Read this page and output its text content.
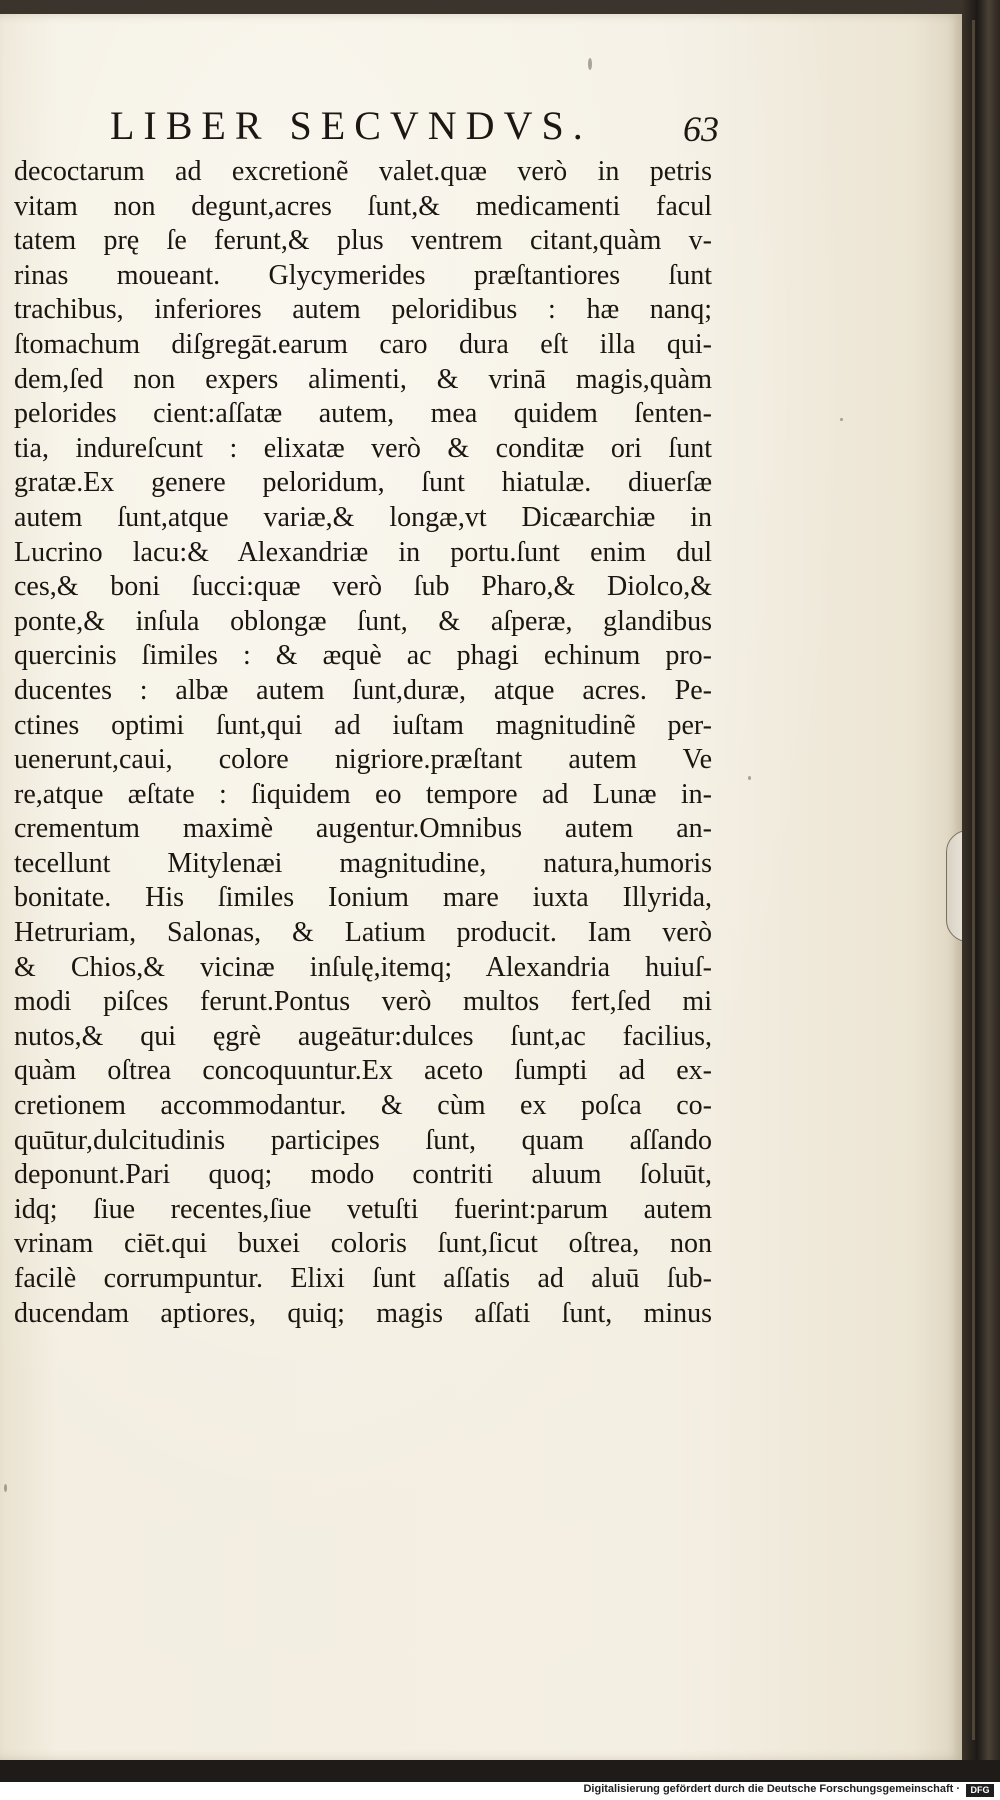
LIBER SECVNDVS.	63
decoctarum ad excretionẽ valet.quæ verò in petris
vitam non degunt,acres ſunt,& medicamenti facul
tatem prę ſe ferunt,& plus ventrem citant,quàm v-
rinas moueant. Glycymerides præſtantiores ſunt
trachibus, inferiores autem peloridibus : hæ nanq;
ſtomachum diſgregāt.earum caro dura eſt illa qui-
dem,ſed non expers alimenti, & vrinā magis,quàm
pelorides cient:aſſatæ autem, mea quidem ſenten-
tia, indureſcunt : elixatæ verò & conditæ ori ſunt
gratæ.Ex genere peloridum, ſunt hiatulæ. diuerſæ
autem ſunt,atque variæ,& longæ,vt Dicæarchiæ in
Lucrino lacu:& Alexandriæ in portu.ſunt enim dul
ces,& boni ſucci:quæ verò ſub Pharo,& Diolco,&
ponte,& inſula oblongæ ſunt, & aſperæ, glandibus
quercinis ſimiles : & æquè ac phagi echinum pro-
ducentes : albæ autem ſunt,duræ, atque acres. Pe-
ctines optimi ſunt,qui ad iuſtam magnitudinẽ per-
uenerunt,caui, colore nigriore.præſtant autem Ve
re,atque æſtate : ſiquidem eo tempore ad Lunæ in-
crementum maximè augentur.Omnibus autem an-
tecellunt Mitylenæi magnitudine, natura,humoris
bonitate. His ſimiles Ionium mare iuxta Illyrida,
Hetruriam, Salonas, & Latium producit. Iam verò
& Chios,& vicinæ inſulę,itemq; Alexandria huiuſ-
modi piſces ferunt.Pontus verò multos fert,ſed mi
nutos,& qui ęgrè augeātur:dulces ſunt,ac facilius,
quàm oſtrea concoquuntur.Ex aceto ſumpti ad ex-
cretionem accommodantur. & cùm ex poſca co-
quūtur,dulcitudinis participes ſunt, quam aſſando
deponunt.Pari quoq; modo contriti aluum ſoluūt,
idq; ſiue recentes,ſiue vetuſti fuerint:parum autem
vrinam ciēt.qui buxei coloris ſunt,ſicut oſtrea, non
facilè corrumpuntur. Elixi ſunt aſſatis ad aluū ſub-
ducendam aptiores, quiq; magis aſſati ſunt, minus
Digitalisierung gefördert durch die Deutsche Forschungsgemeinschaft ·	DFG
